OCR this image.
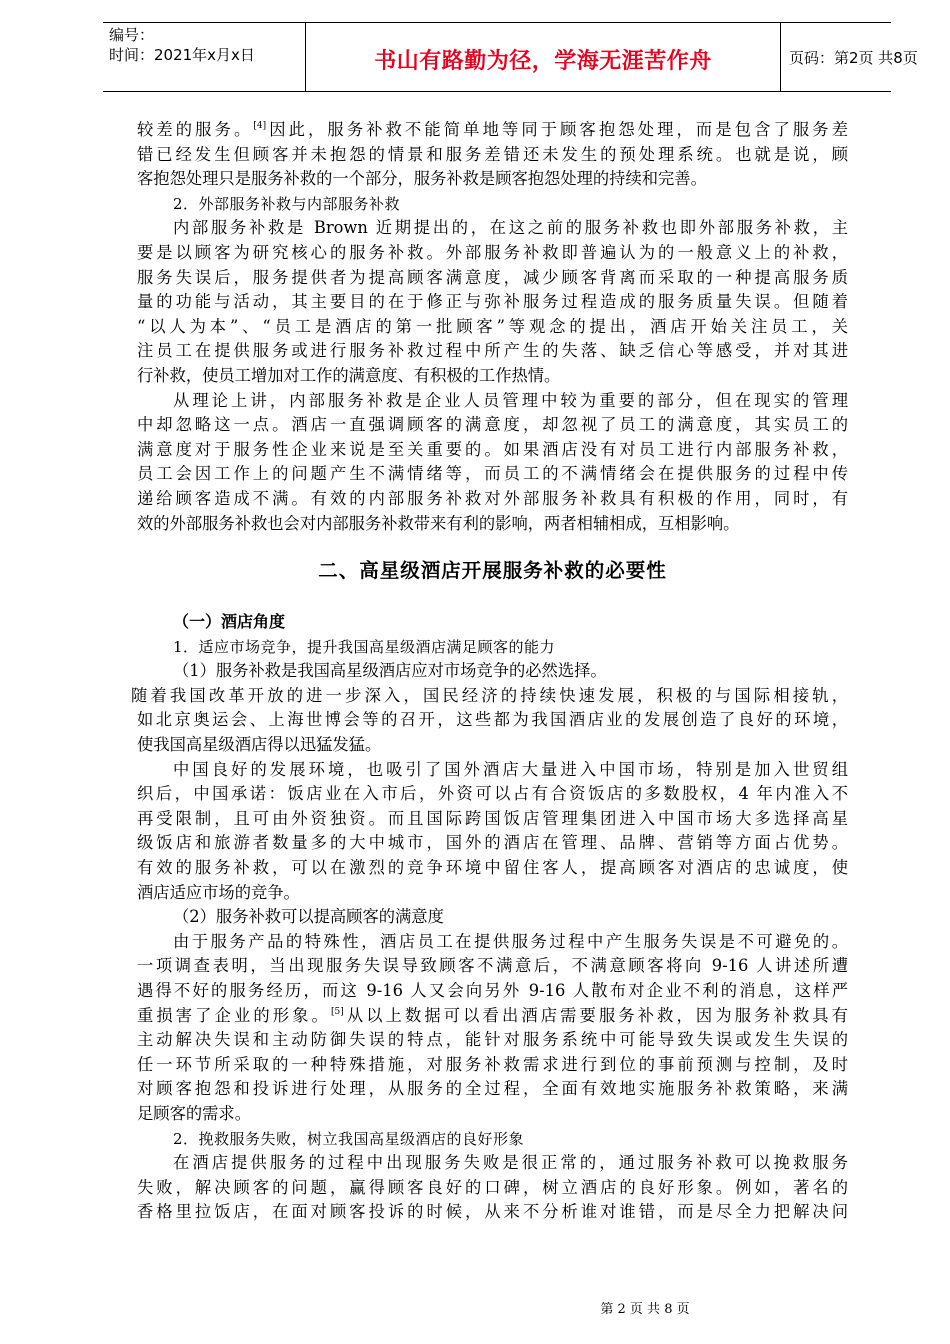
编号：
时间：2021年x月x日	书山有路勤为径，学海无涯苦作舟	页码：第2页 共8页
较差的服务。[4]因此，服务补救不能简单地等同于顾客抱怨处理，而是包含了服务差
错已经发生但顾客并未抱怨的情景和服务差错还未发生的预处理系统。也就是说，顾
客抱怨处理只是服务补救的一个部分，服务补救是顾客抱怨处理的持续和完善。
2．外部服务补救与内部服务补救
内部服务补救是 Brown 近期提出的，在这之前的服务补救也即外部服务补救，主
要是以顾客为研究核心的服务补救。外部服务补救即普遍认为的一般意义上的补救，
服务失误后，服务提供者为提高顾客满意度，减少顾客背离而采取的一种提高服务质
量的功能与活动，其主要目的在于修正与弥补服务过程造成的服务质量失误。但随着
“以人为本”、“员工是酒店的第一批顾客”等观念的提出，酒店开始关注员工，关
注员工在提供服务或进行服务补救过程中所产生的失落、缺乏信心等感受，并对其进
行补救，使员工增加对工作的满意度、有积极的工作热情。
从理论上讲，内部服务补救是企业人员管理中较为重要的部分，但在现实的管理
中却忽略这一点。酒店一直强调顾客的满意度，却忽视了员工的满意度，其实员工的
满意度对于服务性企业来说是至关重要的。如果酒店没有对员工进行内部服务补救，
员工会因工作上的问题产生不满情绪等，而员工的不满情绪会在提供服务的过程中传
递给顾客造成不满。有效的内部服务补救对外部服务补救具有积极的作用，同时，有
效的外部服务补救也会对内部服务补救带来有利的影响，两者相辅相成，互相影响。
二、高星级酒店开展服务补救的必要性
（一）酒店角度
1．适应市场竞争，提升我国高星级酒店满足顾客的能力
（1）服务补救是我国高星级酒店应对市场竞争的必然选择。
随着我国改革开放的进一步深入，国民经济的持续快速发展，积极的与国际相接轨，
如北京奥运会、上海世博会等的召开，这些都为我国酒店业的发展创造了良好的环境，
使我国高星级酒店得以迅猛发猛。
中国良好的发展环境，也吸引了国外酒店大量进入中国市场，特别是加入世贸组
织后，中国承诺：饭店业在入市后，外资可以占有合资饭店的多数股权，4 年内准入不
再受限制，且可由外资独资。而且国际跨国饭店管理集团进入中国市场大多选择高星
级饭店和旅游者数量多的大中城市，国外的酒店在管理、品牌、营销等方面占优势。
有效的服务补救，可以在激烈的竞争环境中留住客人，提高顾客对酒店的忠诚度，使
酒店适应市场的竞争。
（2）服务补救可以提高顾客的满意度
由于服务产品的特殊性，酒店员工在提供服务过程中产生服务失误是不可避免的。
一项调查表明，当出现服务失误导致顾客不满意后，不满意顾客将向 9-16 人讲述所遭
遇得不好的服务经历，而这 9-16 人又会向另外 9-16 人散布对企业不利的消息，这样严
重损害了企业的形象。[5]从以上数据可以看出酒店需要服务补救，因为服务补救具有
主动解决失误和主动防御失误的特点，能针对服务系统中可能导致失误或发生失误的
任一环节所采取的一种特殊措施，对服务补救需求进行到位的事前预测与控制，及时
对顾客抱怨和投诉进行处理，从服务的全过程，全面有效地实施服务补救策略，来满
足顾客的需求。
2．挽救服务失败，树立我国高星级酒店的良好形象
在酒店提供服务的过程中出现服务失败是很正常的，通过服务补救可以挽救服务
失败，解决顾客的问题，赢得顾客良好的口碑，树立酒店的良好形象。例如，著名的
香格里拉饭店，在面对顾客投诉的时候，从来不分析谁对谁错，而是尽全力把解决问
第 2 页 共 8 页
